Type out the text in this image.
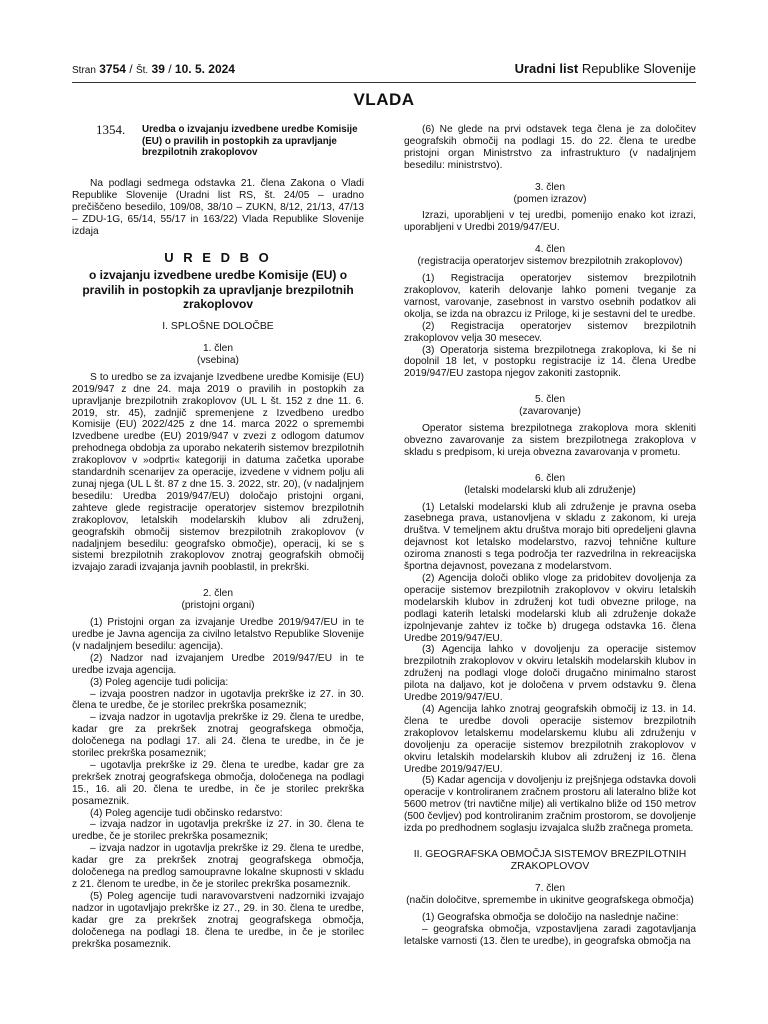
Stran 3754 / Št. 39 / 10. 5. 2024	Uradni list Republike Slovenije
VLADA
1354. Uredba o izvajanju izvedbene uredbe Komisije (EU) o pravilih in postopkih za upravljanje brezpilotnih zrakoplovov

Na podlagi sedmega odstavka 21. člena Zakona o Vladi Republike Slovenije (Uradni list RS, št. 24/05 – uradno prečiščeno besedilo, 109/08, 38/10 – ZUKN, 8/12, 21/13, 47/13 – ZDU-1G, 65/14, 55/17 in 163/22) Vlada Republike Slovenije izdaja

U R E D B O
o izvajanju izvedbene uredbe Komisije (EU) o pravilih in postopkih za upravljanje brezpilotnih zrakoplovov
I. SPLOŠNE DOLOČBE

1. člen

(vsebina)

S to uredbo se za izvajanje Izvedbene uredbe Komisije (EU) 2019/947 z dne 24. maja 2019 o pravilih in postopkih za upravljanje brezpilotnih zrakoplovov (UL L št. 152 z dne 11. 6. 2019, str. 45), zadnjič spremenjene z Izvedbeno uredbo Komisije (EU) 2022/425 z dne 14. marca 2022 o spremembi Izvedbene uredbe (EU) 2019/947 v zvezi z odlogom datumov prehodnega obdobja za uporabo nekaterih sistemov brezpilotnih zrakoplovov v »odprti« kategoriji in datuma začetka uporabe standardnih scenarijev za operacije, izvedene v vidnem polju ali zunaj njega (UL L št. 87 z dne 15. 3. 2022, str. 20), (v nadaljnjem besedilu: Uredba 2019/947/EU) določajo pristojni organi, zahteve glede registracije operatorjev sistemov brezpilotnih zrakoplovov, letalskih modelarskih klubov ali združenj, geografskih območij sistemov brezpilotnih zrakoplovov (v nadaljnjem besedilu: geografsko območje), operacij, ki se s sistemi brezpilotnih zrakoplovov znotraj geografskih območij izvajajo zaradi izvajanja javnih pooblastil, in prekrški.

2. člen

(pristojni organi)

(1) Pristojni organ za izvajanje Uredbe 2019/947/EU in te uredbe je Javna agencija za civilno letalstvo Republike Slovenije (v nadaljnjem besedilu: agencija).

(2) Nadzor nad izvajanjem Uredbe 2019/947/EU in te uredbe izvaja agencija.

(3) Poleg agencije tudi policija:

– izvaja poostren nadzor in ugotavlja prekrške iz 27. in 30. člena te uredbe, če je storilec prekrška posameznik;

– izvaja nadzor in ugotavlja prekrške iz 29. člena te uredbe, kadar gre za prekršek znotraj geografskega območja, določenega na podlagi 17. ali 24. člena te uredbe, in če je storilec prekrška posameznik;

– ugotavlja prekrške iz 29. člena te uredbe, kadar gre za prekršek znotraj geografskega območja, določenega na podlagi 15., 16. ali 20. člena te uredbe, in če je storilec prekrška posameznik.

(4) Poleg agencije tudi občinsko redarstvo:

– izvaja nadzor in ugotavlja prekrške iz 27. in 30. člena te uredbe, če je storilec prekrška posameznik;

– izvaja nadzor in ugotavlja prekrške iz 29. člena te uredbe, kadar gre za prekršek znotraj geografskega območja, določenega na predlog samoupravne lokalne skupnosti v skladu z 21. členom te uredbe, in če je storilec prekrška posameznik.

(5) Poleg agencije tudi naravovarstveni nadzorniki izvajajo nadzor in ugotavljajo prekrške iz 27., 29. in 30. člena te uredbe, kadar gre za prekršek znotraj geografskega območja, določenega na podlagi 18. člena te uredbe, in če je storilec prekrška posameznik.

(6) Ne glede na prvi odstavek tega člena je za določitev geografskih območij na podlagi 15. do 22. člena te uredbe pristojni organ Ministrstvo za infrastrukturo (v nadaljnjem besedilu: ministrstvo).

3. člen

(pomen izrazov)

Izrazi, uporabljeni v tej uredbi, pomenijo enako kot izrazi, uporabljeni v Uredbi 2019/947/EU.

4. člen

(registracija operatorjev sistemov brezpilotnih zrakoplovov)

(1) Registracija operatorjev sistemov brezpilotnih zrakoplovov, katerih delovanje lahko pomeni tveganje za varnost, varovanje, zasebnost in varstvo osebnih podatkov ali okolja, se izda na obrazcu iz Priloge, ki je sestavni del te uredbe.

(2) Registracija operatorjev sistemov brezpilotnih zrakoplovov velja 30 mesecev.

(3) Operatorja sistema brezpilotnega zrakoplova, ki še ni dopolnil 18 let, v postopku registracije iz 14. člena Uredbe 2019/947/EU zastopa njegov zakoniti zastopnik.

5. člen

(zavarovanje)

Operator sistema brezpilotnega zrakoplova mora skleniti obvezno zavarovanje za sistem brezpilotnega zrakoplova v skladu s predpisom, ki ureja obvezna zavarovanja v prometu.

6. člen

(letalski modelarski klub ali združenje)

(1) Letalski modelarski klub ali združenje je pravna oseba zasebnega prava, ustanovljena v skladu z zakonom, ki ureja društva. V temeljnem aktu društva morajo biti opredeljeni glavna dejavnost kot letalsko modelarstvo, razvoj tehnične kulture oziroma znanosti s tega področja ter razvedrilna in rekreacijska športna dejavnost, povezana z modelarstvom.

(2) Agencija določi obliko vloge za pridobitev dovoljenja za operacije sistemov brezpilotnih zrakoplovov v okviru letalskih modelarskih klubov in združenj kot tudi obvezne priloge, na podlagi katerih letalski modelarski klub ali združenje dokaže izpolnjevanje zahtev iz točke b) drugega odstavka 16. člena Uredbe 2019/947/EU.

(3) Agencija lahko v dovoljenju za operacije sistemov brezpilotnih zrakoplovov v okviru letalskih modelarskih klubov in združenj na podlagi vloge določi drugačno minimalno starost pilota na daljavo, kot je določena v prvem odstavku 9. člena Uredbe 2019/947/EU.

(4) Agencija lahko znotraj geografskih območij iz 13. in 14. člena te uredbe dovoli operacije sistemov brezpilotnih zrakoplovov letalskemu modelarskemu klubu ali združenju v dovoljenju za operacije sistemov brezpilotnih zrakoplovov v okviru letalskih modelarskih klubov ali združenj iz 16. člena Uredbe 2019/947/EU.

(5) Kadar agencija v dovoljenju iz prejšnjega odstavka dovoli operacije v kontroliranem zračnem prostoru ali lateralno bliže kot 5600 metrov (tri navtične milje) ali vertikalno bliže od 150 metrov (500 čevljev) pod kontroliranim zračnim prostorom, se dovoljenje izda po predhodnem soglasju izvajalca služb zračnega prometa.

II. GEOGRAFSKA OBMOČJA SISTEMOV BREZPILOTNIH ZRAKOPLOVOV

7. člen

(način določitve, spremembe in ukinitve geografskega območja)

(1) Geografska območja se določijo na naslednje načine:

– geografska območja, vzpostavljena zaradi zagotavljanja letalske varnosti (13. člen te uredbe), in geografska območja na
